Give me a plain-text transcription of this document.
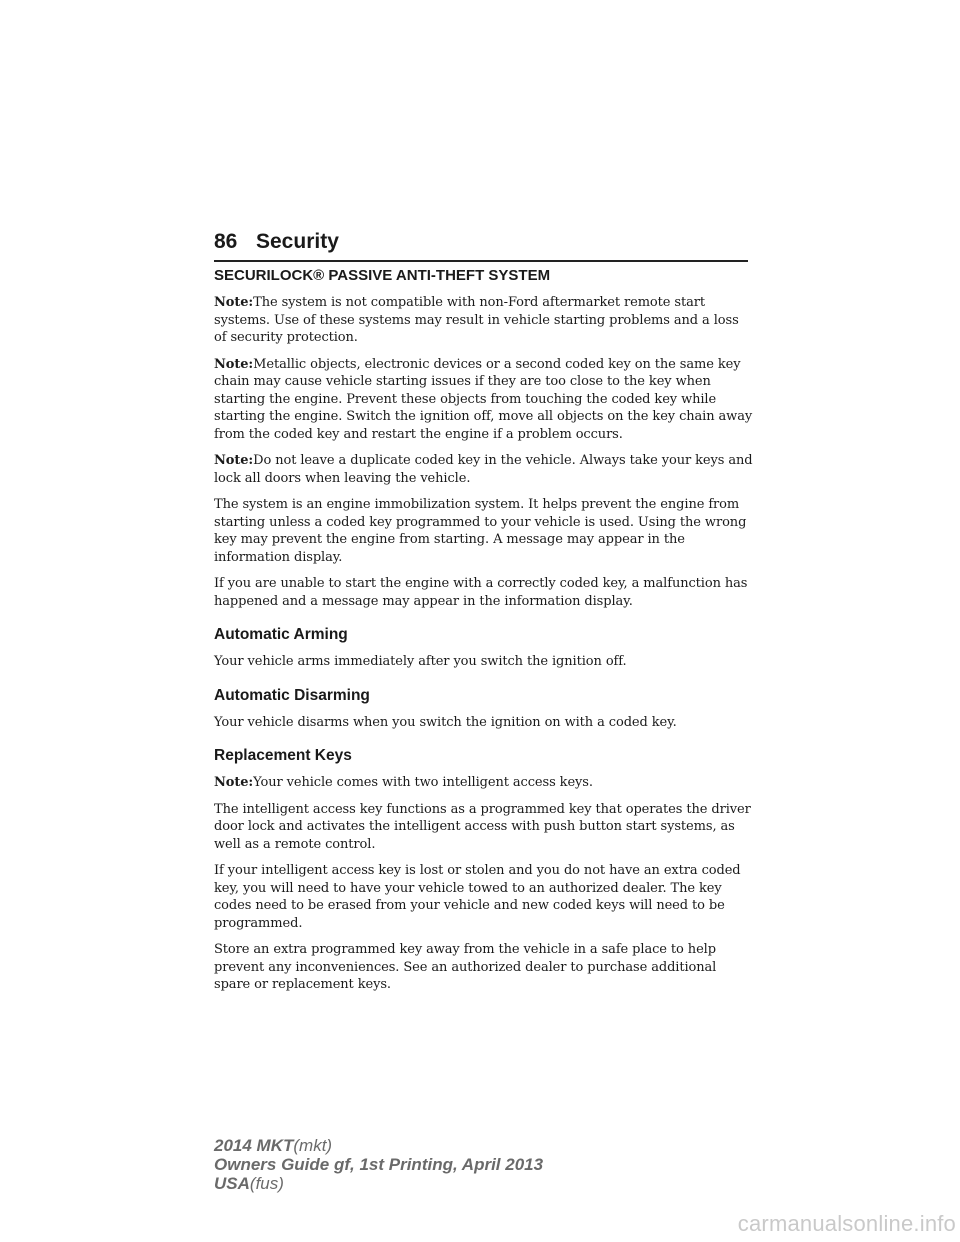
86 Security
SECURILOCK® PASSIVE ANTI-THEFT SYSTEM

Note:The system is not compatible with non-Ford aftermarket remote start systems. Use of these systems may result in vehicle starting problems and a loss of security protection.

Note:Metallic objects, electronic devices or a second coded key on the same key chain may cause vehicle starting issues if they are too close to the key when starting the engine. Prevent these objects from touching the coded key while starting the engine. Switch the ignition off, move all objects on the key chain away from the coded key and restart the engine if a problem occurs.

Note:Do not leave a duplicate coded key in the vehicle. Always take your keys and lock all doors when leaving the vehicle.

The system is an engine immobilization system. It helps prevent the engine from starting unless a coded key programmed to your vehicle is used. Using the wrong key may prevent the engine from starting. A message may appear in the information display.

If you are unable to start the engine with a correctly coded key, a malfunction has happened and a message may appear in the information display.

Automatic Arming

Your vehicle arms immediately after you switch the ignition off.

Automatic Disarming

Your vehicle disarms when you switch the ignition on with a coded key.

Replacement Keys

Note:Your vehicle comes with two intelligent access keys.

The intelligent access key functions as a programmed key that operates the driver door lock and activates the intelligent access with push button start systems, as well as a remote control.

If your intelligent access key is lost or stolen and you do not have an extra coded key, you will need to have your vehicle towed to an authorized dealer. The key codes need to be erased from your vehicle and new coded keys will need to be programmed.

Store an extra programmed key away from the vehicle in a safe place to help prevent any inconveniences. See an authorized dealer to purchase additional spare or replacement keys.

2014 MKT(mkt)
Owners Guide gf, 1st Printing, April 2013
USA(fus)
carmanualsonline.info
